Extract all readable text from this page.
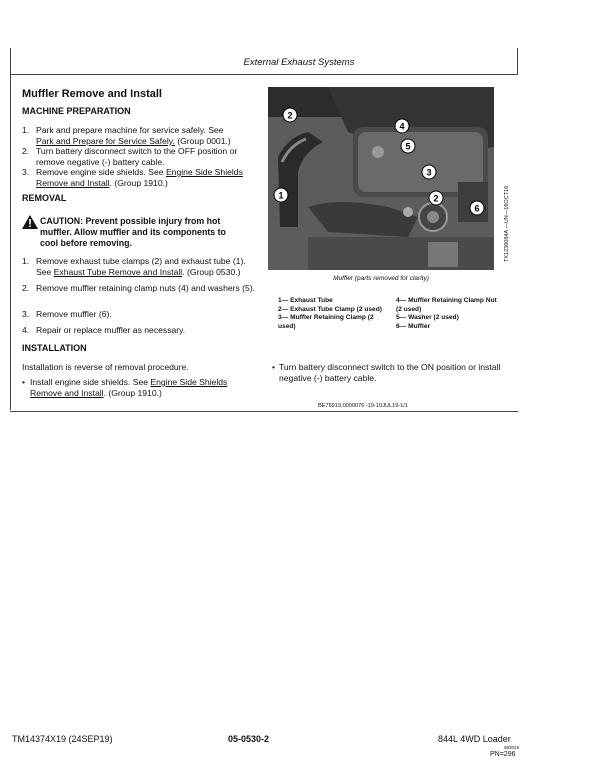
External Exhaust Systems
Muffler Remove and Install
MACHINE PREPARATION
1. Park and prepare machine for service safely. See
Park and Prepare for Service Safely. (Group 0001.)
2. Turn battery disconnect switch to the OFF position or remove negative (-) battery cable.
3. Remove engine side shields. See Engine Side Shields Remove and Install. (Group 1910.)
REMOVAL
CAUTION: Prevent possible injury from hot muffler. Allow muffler and its components to cool before removing.
1. Remove exhaust tube clamps (2) and exhaust tube (1). See Exhaust Tube Remove and Install. (Group 0530.)
2. Remove muffler retaining clamp nuts (4) and washers (5).
3. Remove muffler (6).
4. Repair or replace muffler as necessary.
INSTALLATION
Installation is reverse of removal procedure.
• Install engine side shields. See Engine Side Shields Remove and Install. (Group 1910.)
2
4
5
1
3
2
6	TX1236084A —UN—16OCT16
Muffler (parts removed for clarity)
1— Exhaust Tube
2— Exhaust Tube Clamp (2 used)
3— Muffler Retaining Clamp (2 used)
4— Muffler Retaining Clamp Nut (2 used)
5— Washer (2 used)
6— Muffler
• Turn battery disconnect switch to the ON position or install negative (-) battery cable.
BE76919,0000076 -19-10JUL19-1/1
TM14374X19 (24SEP19)	05-0530-2	844L 4WD Loader
083019
PN=296
